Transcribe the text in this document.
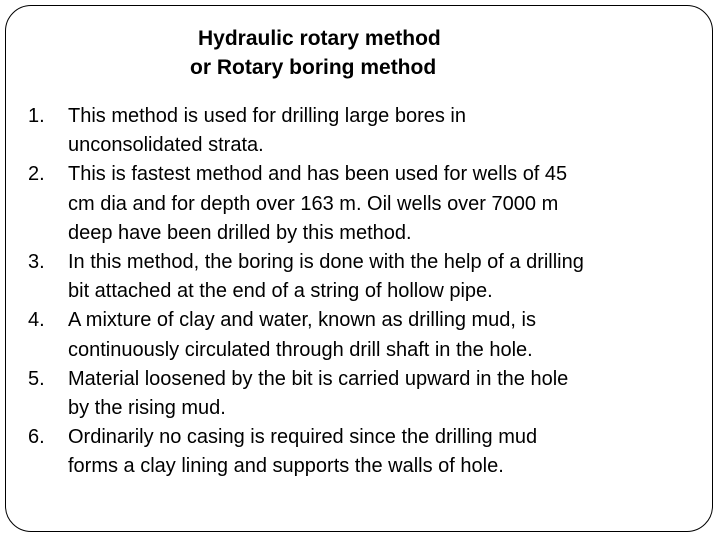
Hydraulic rotary method
or Rotary boring method
1. This method is used for drilling large bores in
unconsolidated strata.
2. This is fastest method and has been used for wells of 45
cm dia and for depth over 163 m. Oil wells over 7000 m
deep have been drilled by this method.
3. In this method, the boring is done with the help of a drilling
bit attached at the end of a string of hollow pipe.
4. A mixture of clay and water, known as drilling mud, is
continuously circulated through drill shaft in the hole.
5. Material loosened by the bit is carried upward in the hole
by the rising mud.
6. Ordinarily no casing is required since the drilling mud
forms a clay lining and supports the walls of hole.
